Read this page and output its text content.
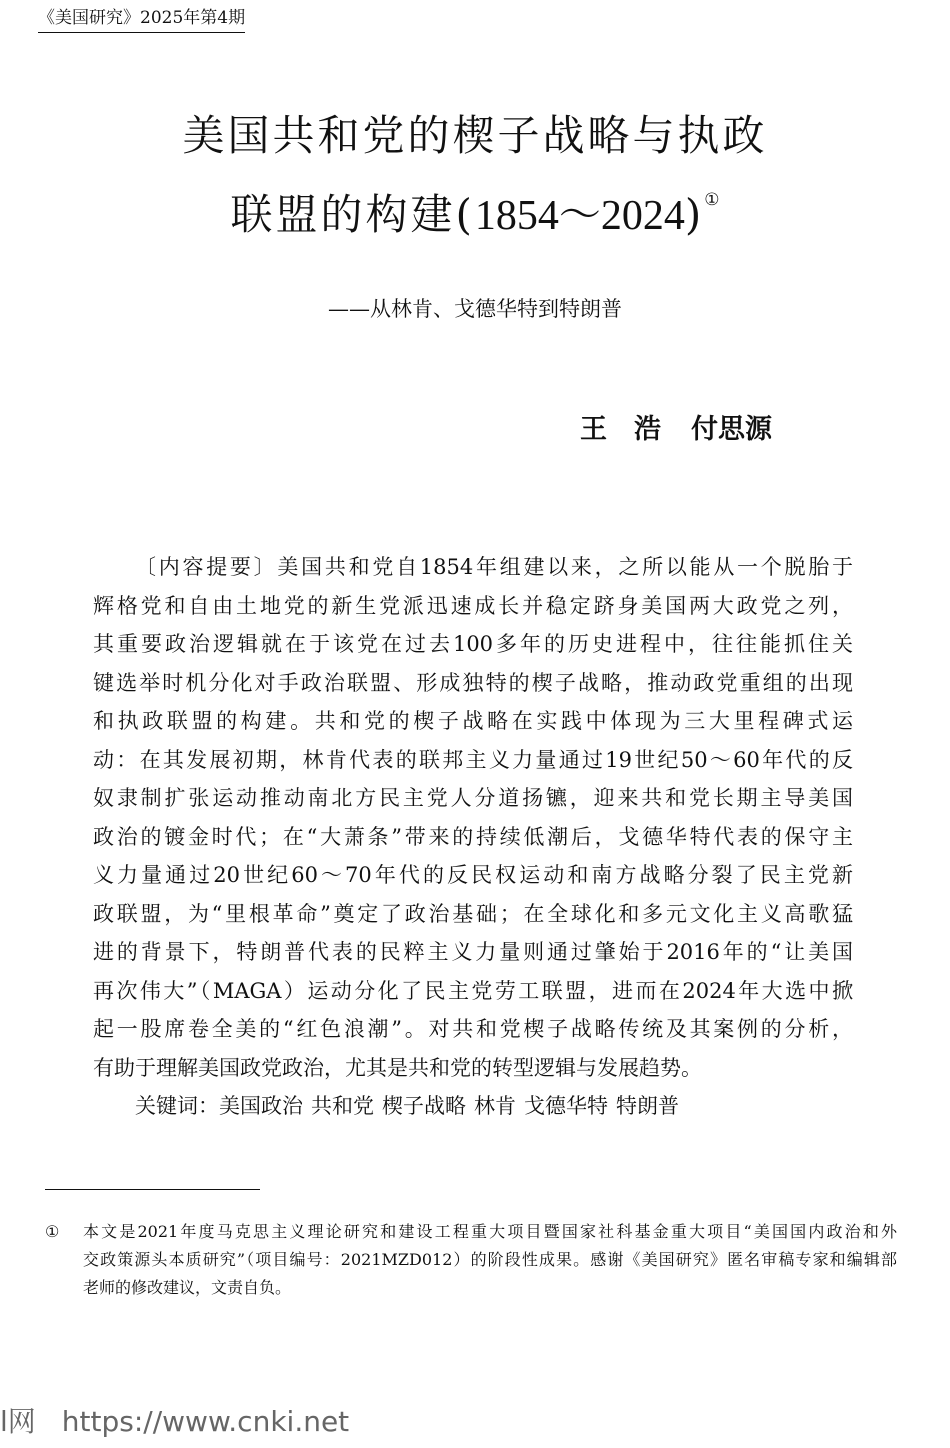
《美国研究》2025年第4期
美国共和党的楔子战略与执政
联盟的构建(1854～2024)①
——从林肯、戈德华特到特朗普
王　浩 付思源
〔内容提要〕美国共和党自1854年组建以来，之所以能从一个脱胎于
辉格党和自由土地党的新生党派迅速成长并稳定跻身美国两大政党之列，
其重要政治逻辑就在于该党在过去100多年的历史进程中，往往能抓住关
键选举时机分化对手政治联盟、形成独特的楔子战略，推动政党重组的出现
和执政联盟的构建。共和党的楔子战略在实践中体现为三大里程碑式运
动：在其发展初期，林肯代表的联邦主义力量通过19世纪50～60年代的反
奴隶制扩张运动推动南北方民主党人分道扬镳，迎来共和党长期主导美国
政治的镀金时代；在“大萧条”带来的持续低潮后，戈德华特代表的保守主
义力量通过20世纪60～70年代的反民权运动和南方战略分裂了民主党新
政联盟，为“里根革命”奠定了政治基础；在全球化和多元文化主义高歌猛
进的背景下，特朗普代表的民粹主义力量则通过肇始于2016年的“让美国
再次伟大”（MAGA）运动分化了民主党劳工联盟，进而在2024年大选中掀
起一股席卷全美的“红色浪潮”。对共和党楔子战略传统及其案例的分析，
有助于理解美国政党政治，尤其是共和党的转型逻辑与发展趋势。
关键词：美国政治 共和党 楔子战略 林肯 戈德华特 特朗普
① 本文是2021年度马克思主义理论研究和建设工程重大项目暨国家社科基金重大项目“美国国内政治和外
交政策源头本质研究”（项目编号：2021MZD012）的阶段性成果。感谢《美国研究》匿名审稿专家和编辑部
老师的修改建议，文责自负。
l网 https://www.cnki.net
